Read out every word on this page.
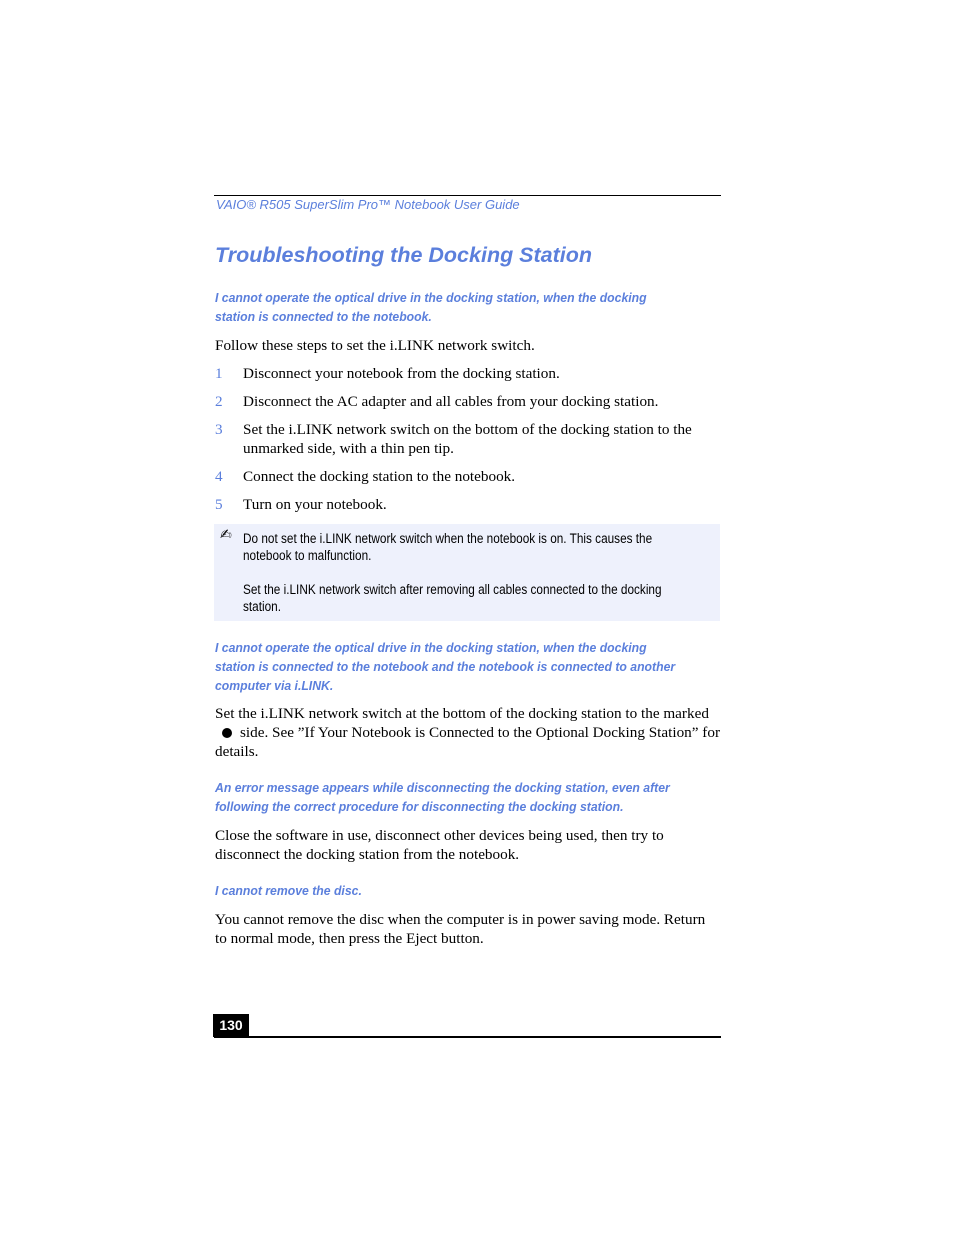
VAIO® R505 SuperSlim Pro™ Notebook User Guide
Troubleshooting the Docking Station

I cannot operate the optical drive in the docking station, when the docking station is connected to the notebook.

Follow these steps to set the i.LINK network switch.

1 Disconnect your notebook from the docking station.
2 Disconnect the AC adapter and all cables from your docking station.
3 Set the i.LINK network switch on the bottom of the docking station to the unmarked side, with a thin pen tip.
4 Connect the docking station to the notebook.
5 Turn on your notebook.
✍ Do not set the i.LINK network switch when the notebook is on. This causes the notebook to malfunction.

Set the i.LINK network switch after removing all cables connected to the docking station.

I cannot operate the optical drive in the docking station, when the docking station is connected to the notebook and the notebook is connected to another computer via i.LINK.

Set the i.LINK network switch at the bottom of the docking station to the marked
side. See ”If Your Notebook is Connected to the Optional Docking Station” for details.

An error message appears while disconnecting the docking station, even after following the correct procedure for disconnecting the docking station.

Close the software in use, disconnect other devices being used, then try to disconnect the docking station from the notebook.

I cannot remove the disc.

You cannot remove the disc when the computer is in power saving mode. Return to normal mode, then press the Eject button.

130
